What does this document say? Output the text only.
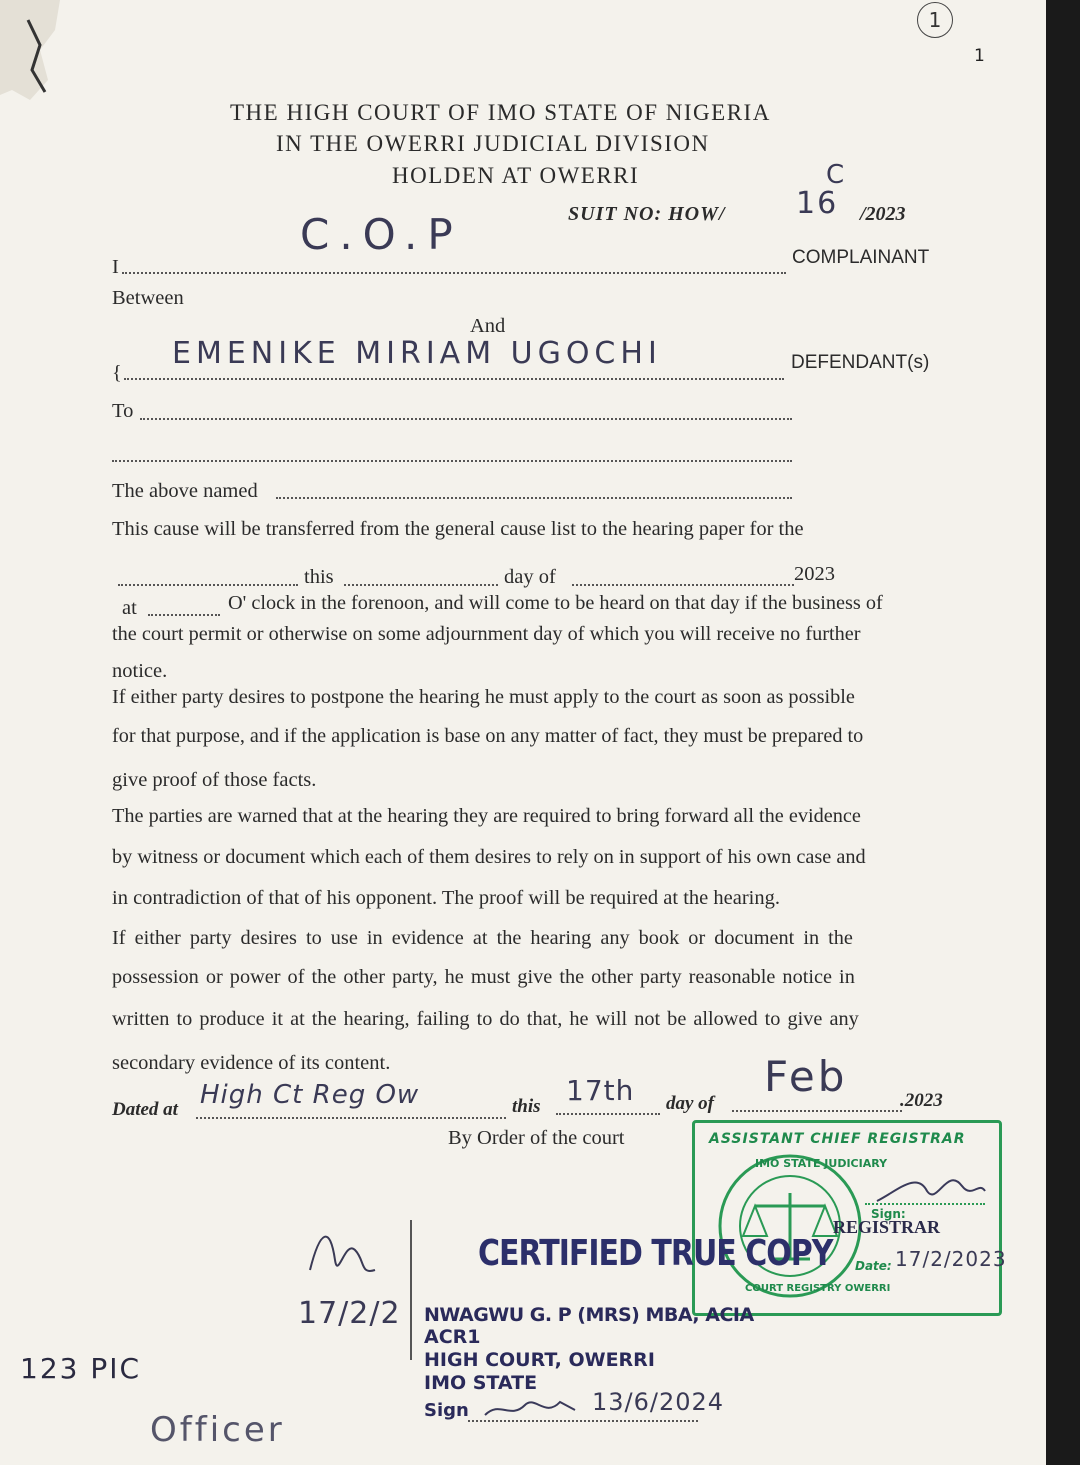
1
1
THE HIGH COURT OF IMO STATE OF NIGERIA
IN THE OWERRI JUDICIAL DIVISION
HOLDEN AT OWERRI
SUIT NO: HOW/ 16
C
/2023
C.O.P
I	COMPLAINANT
Between
And
EMENIKE MIRIAM UGOCHI
{	DEFENDANT(s)
To
The above named
This cause will be transferred from the general cause list to the hearing paper for the
this	day of	2023
at	O' clock in the forenoon, and will come to be heard on that day if the business of
the court permit or otherwise on some adjournment day of which you will receive no further
notice.
If either party desires to postpone the hearing he must apply to the court as soon as possible
for that purpose, and if the application is base on any matter of fact, they must be prepared to
give proof of those facts.
The parties are warned that at the hearing they are required to bring forward all the evidence
by witness or document which each of them desires to rely on in support of his own case and
in contradiction of that of his opponent. The proof will be required at the hearing.
If either party desires to use in evidence at the hearing any book or document in the
possession or power of the other party, he must give the other party reasonable notice in
written to produce it at the hearing, failing to do that, he will not be allowed to give any
secondary evidence of its content.
Dated at High Ct Reg Ow	this 17th day of
Feb	.2023
By Order of the court	ASSISTANT CHIEF REGISTRAR
IMO STATE JUDICIARY
COURT REGISTRY OWERRI
Sign:
REGISTRAR
Date: 17/2/2023
CERTIFIED TRUE COPY
NWAGWU G. P (MRS) MBA, ACIA
ACR1
HIGH COURT, OWERRI
IMO STATE
Sign	13/6/2024
17/2/2
123 PIC
Officer
